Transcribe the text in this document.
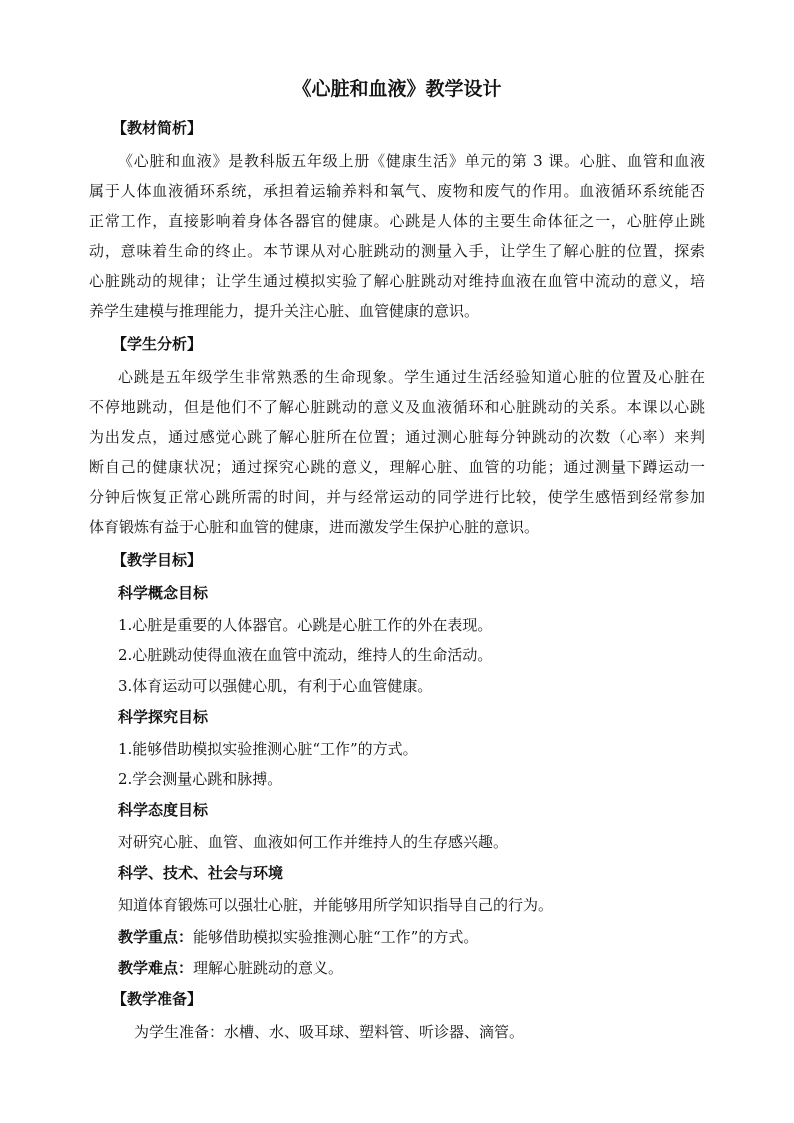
《心脏和血液》教学设计

【教材简析】

《心脏和血液》是教科版五年级上册《健康生活》单元的第 3 课。心脏、血管和血液

属于人体血液循环系统，承担着运输养料和氧气、废物和废气的作用。血液循环系统能否

正常工作，直接影响着身体各器官的健康。心跳是人体的主要生命体征之一，心脏停止跳

动，意味着生命的终止。本节课从对心脏跳动的测量入手，让学生了解心脏的位置，探索

心脏跳动的规律；让学生通过模拟实验了解心脏跳动对维持血液在血管中流动的意义，培

养学生建模与推理能力，提升关注心脏、血管健康的意识。

【学生分析】

心跳是五年级学生非常熟悉的生命现象。学生通过生活经验知道心脏的位置及心脏在

不停地跳动，但是他们不了解心脏跳动的意义及血液循环和心脏跳动的关系。本课以心跳

为出发点，通过感觉心跳了解心脏所在位置；通过测心脏每分钟跳动的次数（心率）来判

断自己的健康状况；通过探究心跳的意义，理解心脏、血管的功能；通过测量下蹲运动一

分钟后恢复正常心跳所需的时间，并与经常运动的同学进行比较，使学生感悟到经常参加

体育锻炼有益于心脏和血管的健康，进而激发学生保护心脏的意识。

【教学目标】

科学概念目标

1.心脏是重要的人体器官。心跳是心脏工作的外在表现。

2.心脏跳动使得血液在血管中流动，维持人的生命活动。

3.体育运动可以强健心肌，有利于心血管健康。

科学探究目标

1.能够借助模拟实验推测心脏“工作”的方式。

2.学会测量心跳和脉搏。

科学态度目标

对研究心脏、血管、血液如何工作并维持人的生存感兴趣。

科学、技术、社会与环境

知道体育锻炼可以强壮心脏，并能够用所学知识指导自己的行为。

教学重点：能够借助模拟实验推测心脏“工作”的方式。

教学难点：理解心脏跳动的意义。

【教学准备】

为学生准备：水槽、水、吸耳球、塑料管、听诊器、滴管。
